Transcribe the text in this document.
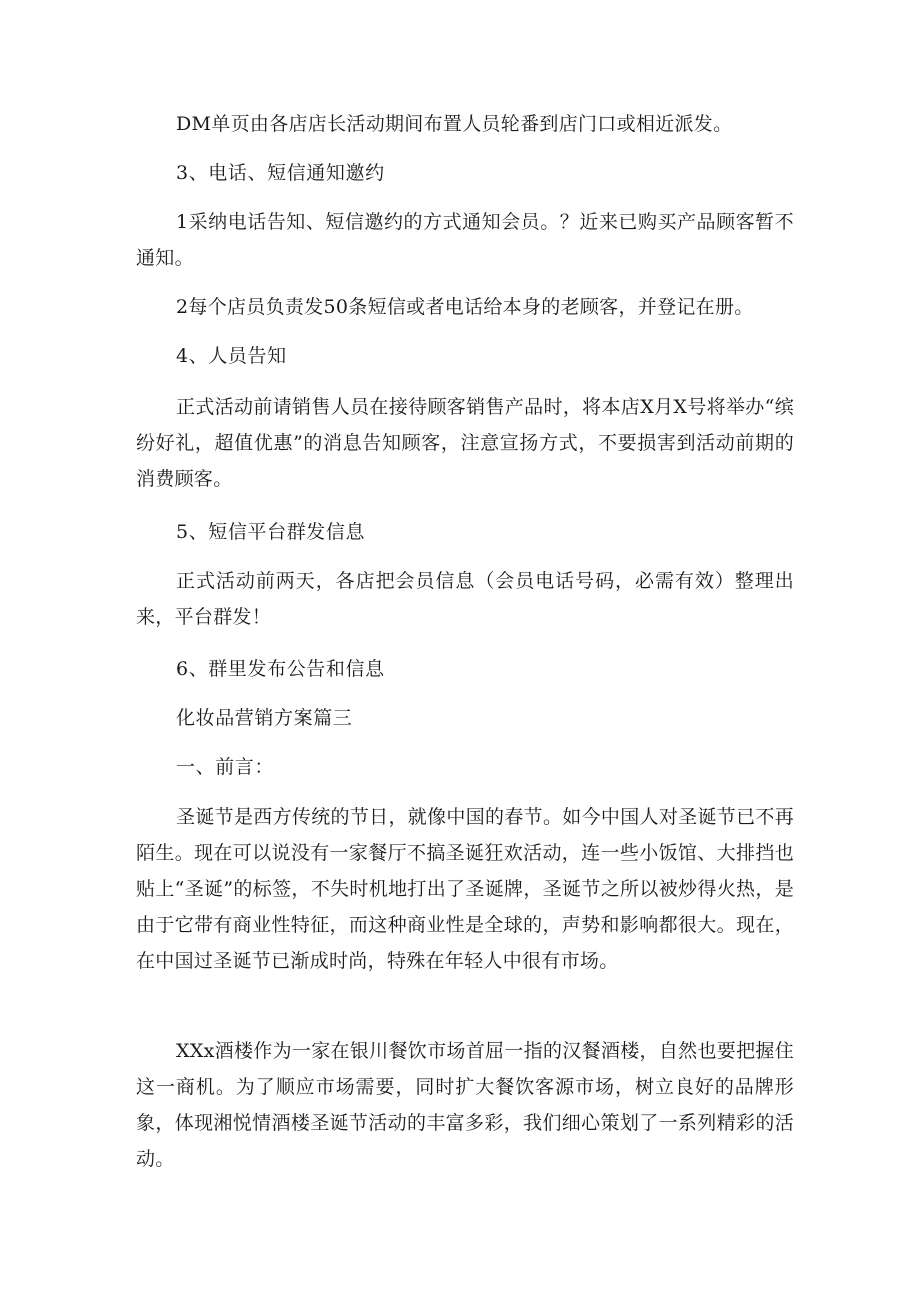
DM单页由各店店长活动期间布置人员轮番到店门口或相近派发。

3、电话、短信通知邀约

1采纳电话告知、短信邀约的方式通知会员。？近来已购买产品顾客暂不通知。

2每个店员负责发50条短信或者电话给本身的老顾客，并登记在册。

4、人员告知

正式活动前请销售人员在接待顾客销售产品时，将本店X月X号将举办“缤纷好礼，超值优惠”的消息告知顾客，注意宣扬方式，不要损害到活动前期的消费顾客。

5、短信平台群发信息

正式活动前两天，各店把会员信息（会员电话号码，必需有效）整理出来，平台群发！

6、群里发布公告和信息

化妆品营销方案篇三

一、前言：

圣诞节是西方传统的节日，就像中国的春节。如今中国人对圣诞节已不再陌生。现在可以说没有一家餐厅不搞圣诞狂欢活动，连一些小饭馆、大排挡也贴上“圣诞”的标签，不失时机地打出了圣诞牌，圣诞节之所以被炒得火热，是由于它带有商业性特征，而这种商业性是全球的，声势和影响都很大。现在，在中国过圣诞节已渐成时尚，特殊在年轻人中很有市场。

XXx酒楼作为一家在银川餐饮市场首屈一指的汉餐酒楼，自然也要把握住这一商机。为了顺应市场需要，同时扩大餐饮客源市场，树立良好的品牌形象，体现湘悦情酒楼圣诞节活动的丰富多彩，我们细心策划了一系列精彩的活动。
